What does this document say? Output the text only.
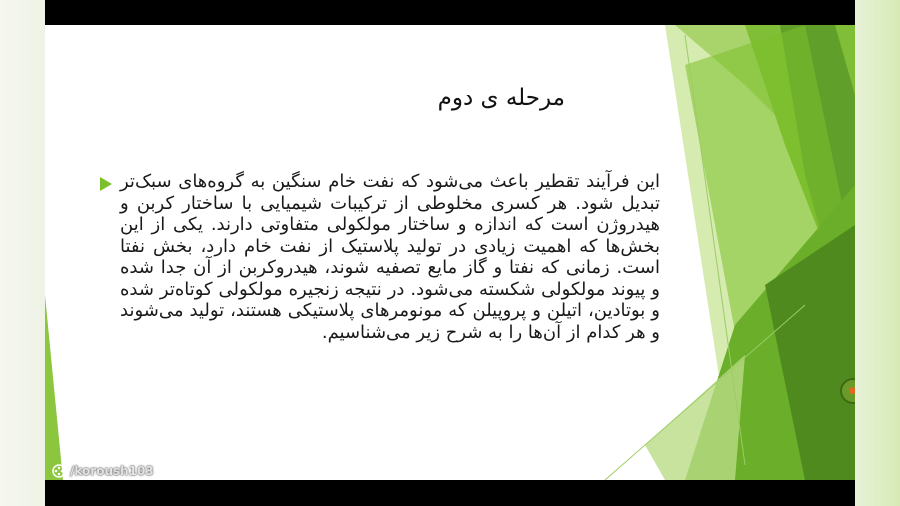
مرحله ی دوم
این فرآیند تقطیر باعث می‌شود که نفت خام سنگین به گروه‌های سبک‌تر تبدیل شود. هر کسری مخلوطی از ترکیبات شیمیایی با ساختار کربن و هیدروژن است که اندازه و ساختار مولکولی متفاوتی دارند. یکی از این بخش‌ها که اهمیت زیادی در تولید پلاستیک از نفت خام دارد، بخش نفتا است. زمانی که نفتا و گاز مایع تصفیه شوند، هیدروکربن از آن جدا شده و پیوند مولکولی شکسته می‌شود. در نتیجه زنجیره مولکولی کوتاه‌تر شده و بوتادین، اتیلن و پروپیلن که مونومرهای پلاستیکی هستند، تولید می‌شوند و هر کدام از آن‌ها را به شرح زیر می‌شناسیم.
/koroush103
